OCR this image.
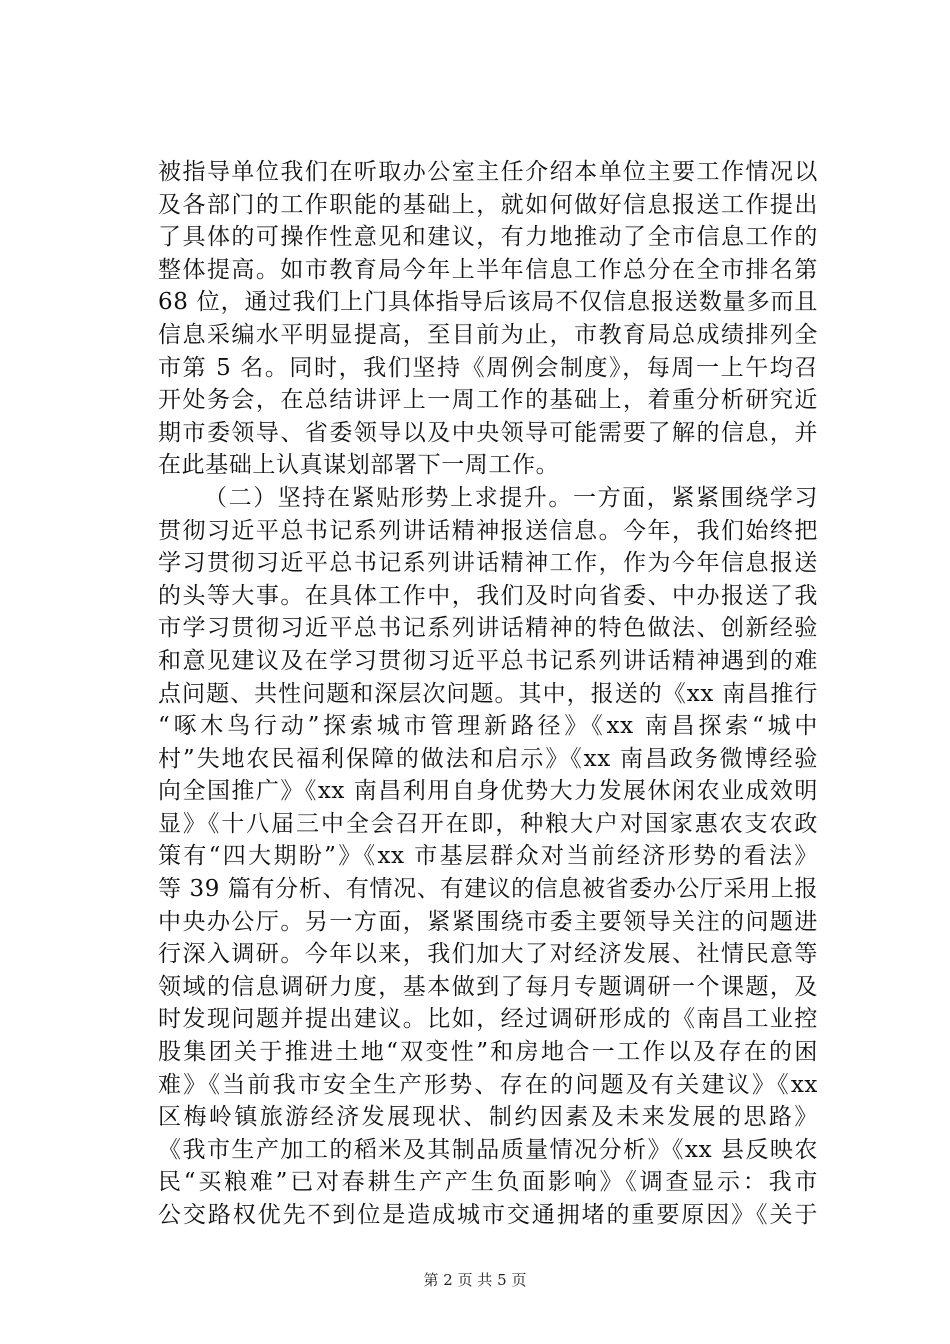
被指导单位我们在听取办公室主任介绍本单位主要工作情况以
及各部门的工作职能的基础上，就如何做好信息报送工作提出
了具体的可操作性意见和建议，有力地推动了全市信息工作的
整体提高。如市教育局今年上半年信息工作总分在全市排名第
68 位，通过我们上门具体指导后该局不仅信息报送数量多而且
信息采编水平明显提高，至目前为止，市教育局总成绩排列全
市第 5 名。同时，我们坚持《周例会制度》，每周一上午均召
开处务会，在总结讲评上一周工作的基础上，着重分析研究近
期市委领导、省委领导以及中央领导可能需要了解的信息，并
在此基础上认真谋划部署下一周工作。
（二）坚持在紧贴形势上求提升。一方面，紧紧围绕学习
贯彻习近平总书记系列讲话精神报送信息。今年，我们始终把
学习贯彻习近平总书记系列讲话精神工作，作为今年信息报送
的头等大事。在具体工作中，我们及时向省委、中办报送了我
市学习贯彻习近平总书记系列讲话精神的特色做法、创新经验
和意见建议及在学习贯彻习近平总书记系列讲话精神遇到的难
点问题、共性问题和深层次问题。其中，报送的《xx 南昌推行
“啄木鸟行动”探索城市管理新路径》《xx 南昌探索“城中
村”失地农民福利保障的做法和启示》《xx 南昌政务微博经验
向全国推广》《xx 南昌利用自身优势大力发展休闲农业成效明
显》《十八届三中全会召开在即，种粮大户对国家惠农支农政
策有“四大期盼”》《xx 市基层群众对当前经济形势的看法》
等 39 篇有分析、有情况、有建议的信息被省委办公厅采用上报
中央办公厅。另一方面，紧紧围绕市委主要领导关注的问题进
行深入调研。今年以来，我们加大了对经济发展、社情民意等
领域的信息调研力度，基本做到了每月专题调研一个课题，及
时发现问题并提出建议。比如，经过调研形成的《南昌工业控
股集团关于推进土地“双变性”和房地合一工作以及存在的困
难》《当前我市安全生产形势、存在的问题及有关建议》《xx
区梅岭镇旅游经济发展现状、制约因素及未来发展的思路》
《我市生产加工的稻米及其制品质量情况分析》《xx 县反映农
民“买粮难”已对春耕生产产生负面影响》《调查显示：我市
公交路权优先不到位是造成城市交通拥堵的重要原因》《关于
第 2 页 共 5 页
